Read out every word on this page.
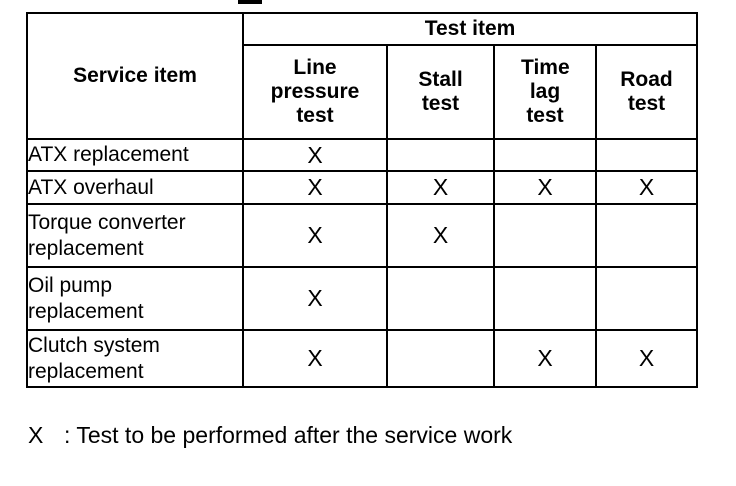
Service item	Test item			
	Line pressure test	Stall test	Time lag test	Road test
ATX replacement	X			
ATX overhaul	X	X	X	X
Torque converter replacement	X	X		
Oil pump replacement	X			
Clutch system replacement	X		X	X
X : Test to be performed after the service work
